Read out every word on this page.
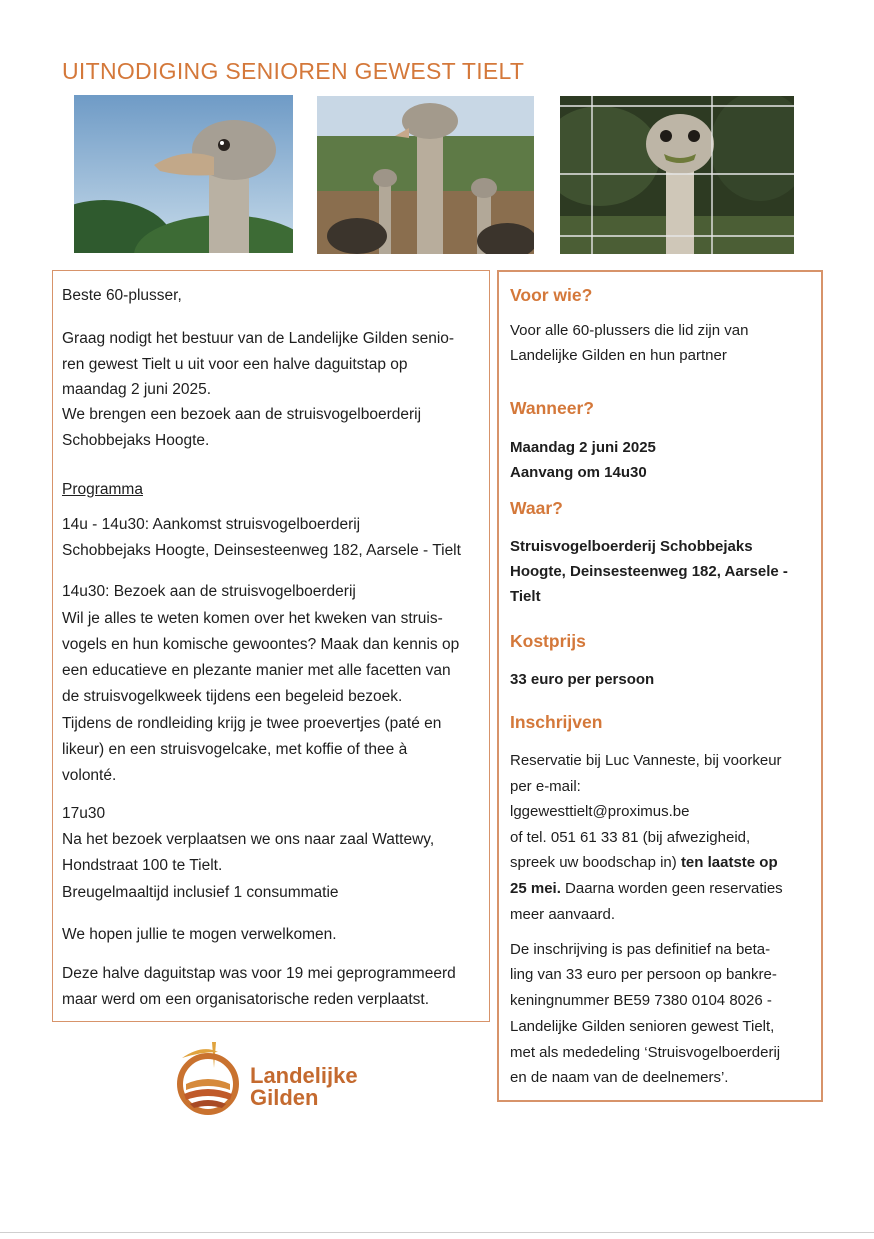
UITNODIGING SENIOREN GEWEST TIELT

Beste 60-plusser,

Graag nodigt het bestuur van de Landelijke Gilden senio-

ren gewest Tielt u uit voor een halve daguitstap op

maandag 2 juni 2025.

We brengen een bezoek aan de struisvogelboerderij

Schobbejaks Hoogte.

Programma

14u - 14u30: Aankomst struisvogelboerderij

Schobbejaks Hoogte, Deinsesteenweg 182, Aarsele - Tielt

14u30: Bezoek aan de struisvogelboerderij

Wil je alles te weten komen over het kweken van struis-

vogels en hun komische gewoontes? Maak dan kennis op

een educatieve en plezante manier met alle facetten van

de struisvogelkweek tijdens een begeleid bezoek.

Tijdens de rondleiding krijg je twee proevertjes (paté en

likeur) en een struisvogelcake, met koffie of thee à

volonté.

17u30

Na het bezoek verplaatsen we ons naar zaal Wattewy,

Hondstraat 100 te Tielt.

Breugelmaaltijd inclusief 1 consummatie

We hopen jullie te mogen verwelkomen.

Deze halve daguitstap was voor 19 mei geprogrammeerd

maar werd om een organisatorische reden verplaatst.

Voor wie?

Voor alle 60-plussers die lid zijn van

Landelijke Gilden en hun partner

Wanneer?

Maandag 2 juni 2025

Aanvang om 14u30

Waar?

Struisvogelboerderij Schobbejaks

Hoogte, Deinsesteenweg 182, Aarsele -

Tielt

Kostprijs

33 euro per persoon

Inschrijven

Reservatie bij Luc Vanneste, bij voorkeur

per e-mail:

lggewesttielt@proximus.be

of tel. 051 61 33 81 (bij afwezigheid,

spreek uw boodschap in) ten laatste op

25 mei. Daarna worden geen reservaties

meer aanvaard.

De inschrijving is pas definitief na beta-

ling van 33 euro per persoon op bankre-

keningnummer BE59 7380 0104 8026 -

Landelijke Gilden senioren gewest Tielt,

met als mededeling ‘Struisvogelboerderij

en de naam van de deelnemers’.

Landelijke
Gilden
